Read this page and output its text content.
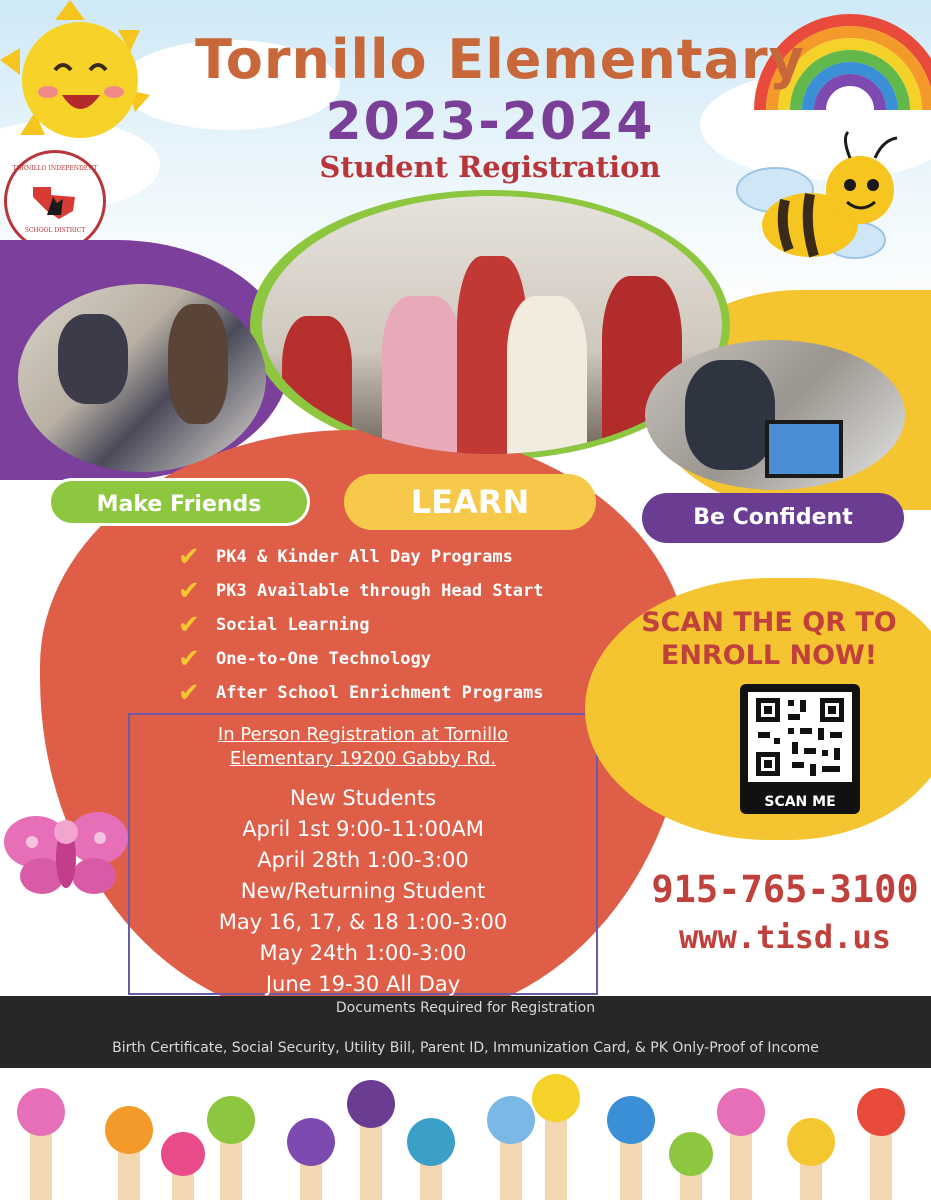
Tornillo Elementary
2023-2024
Student Registration
TORNILLO INDEPENDENT
SCHOOL DISTRICT
Make Friends	LEARN	Be Confident
✔ PK4 & Kinder All Day Programs
✔ PK3 Available through Head Start
✔ Social Learning
✔ One-to-One Technology
✔ After School Enrichment Programs
In Person Registration at Tornillo
Elementary 19200 Gabby Rd.
New Students
April 1st 9:00-11:00AM
April 28th 1:00-3:00
New/Returning Student
May 16, 17, & 18 1:00-3:00
May 24th 1:00-3:00
June 19-30 All Day
SCAN THE QR TO
ENROLL NOW!
SCAN ME
915-765-3100
www.tisd.us
Documents Required for Registration
Birth Certificate, Social Security, Utility Bill, Parent ID, Immunization Card, & PK Only-Proof of Income
